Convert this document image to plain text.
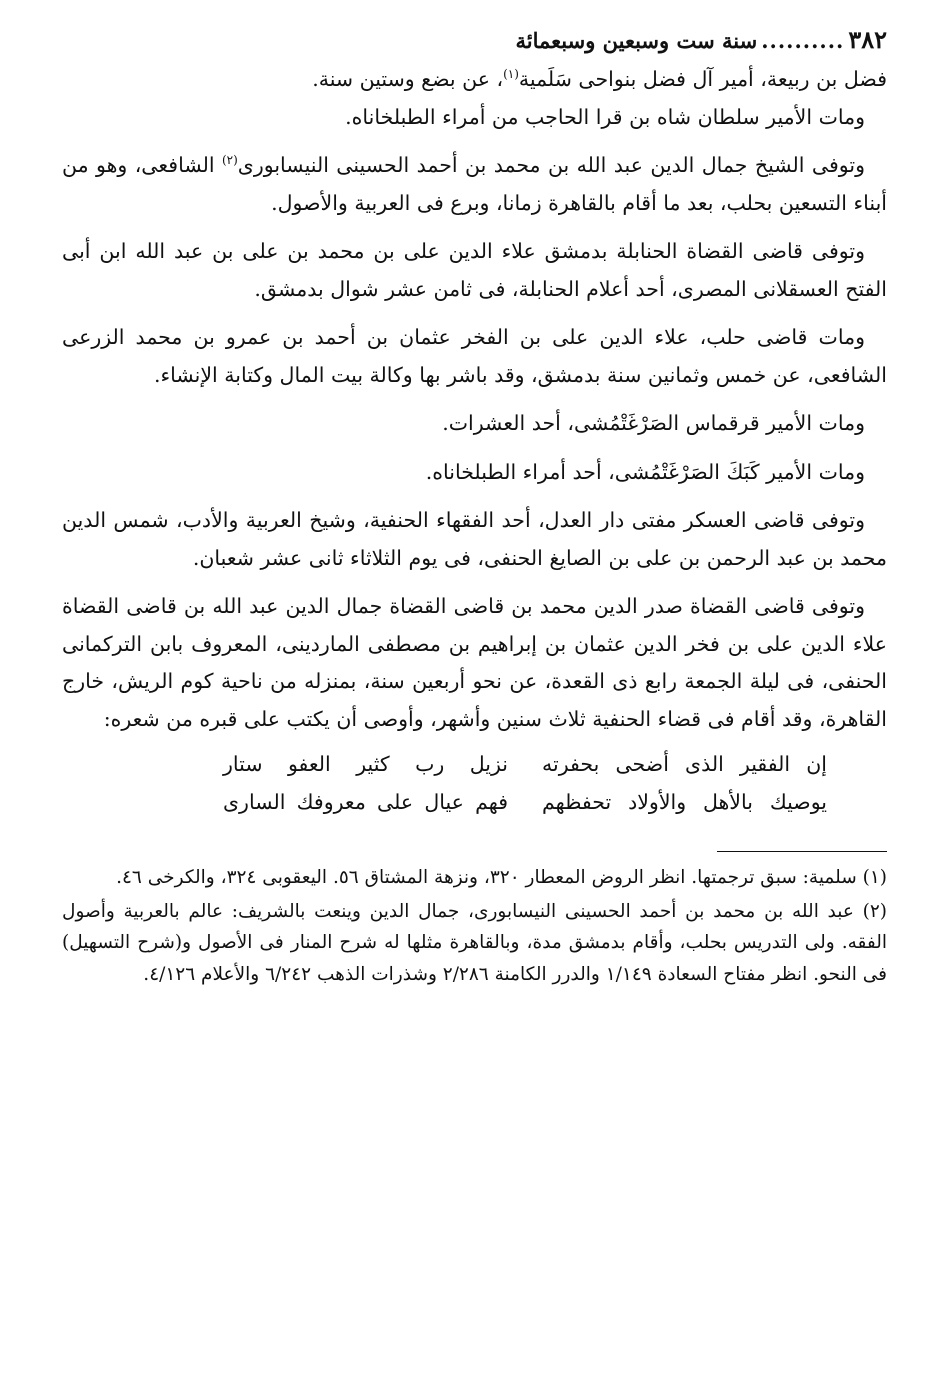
٣٨٢
..........
سنة ست وسبعين وسبعمائة

فضل بن ربيعة، أمير آل فضل بنواحى سَلَمية$^{(١)}$، عن بضع وستين سنة.

ومات الأمير سلطان شاه بن قرا الحاجب من أمراء الطبلخاناه.

وتوفى الشيخ جمال الدين عبد الله بن محمد بن أحمد الحسينى النيسابورى$^{(٢)}$ الشافعى، وهو من أبناء التسعين بحلب، بعد ما أقام بالقاهرة زمانا، وبرع فى العربية والأصول.

وتوفى قاضى القضاة الحنابلة بدمشق علاء الدين على بن محمد بن على بن عبد الله ابن أبى الفتح العسقلانى المصرى، أحد أعلام الحنابلة، فى ثامن عشر شوال بدمشق.

ومات قاضى حلب، علاء الدين على بن الفخر عثمان بن أحمد بن عمرو بن محمد الزرعى الشافعى، عن خمس وثمانين سنة بدمشق، وقد باشر بها وكالة بيت المال وكتابة الإنشاء.

ومات الأمير قرقماس الصَرْغَتْمُشى، أحد العشرات.

ومات الأمير كَبَكَ الصَرْغَتْمُشى، أحد أمراء الطبلخاناه.

وتوفى قاضى العسكر مفتى دار العدل، أحد الفقهاء الحنفية، وشيخ العربية والأدب، شمس الدين محمد بن عبد الرحمن بن على بن الصايغ الحنفى، فى يوم الثلاثاء ثانى عشر شعبان.

وتوفى قاضى القضاة صدر الدين محمد بن قاضى القضاة جمال الدين عبد الله بن قاضى القضاة علاء الدين على بن فخر الدين عثمان بن إبراهيم بن مصطفى الماردينى، المعروف بابن التركمانى الحنفى، فى ليلة الجمعة رابع ذى القعدة، عن نحو أربعين سنة، بمنزله من ناحية كوم الريش، خارج القاهرة، وقد أقام فى قضاء الحنفية ثلاث سنين وأشهر، وأوصى أن يكتب على قبره من شعره:

إن الفقير الذى أضحى بحفرته
نزيل رب كثير العفو ستار
يوصيك بالأهل والأولاد تحفظهم
فهم عيال على معروفك السارى

(١) سلمية: سبق ترجمتها. انظر الروض المعطار ٣٢٠، ونزهة المشتاق ٥٦. اليعقوبى ٣٢٤، والكرخى ٤٦.

(٢) عبد الله بن محمد بن أحمد الحسينى النيسابورى، جمال الدين وينعت بالشريف: عالم بالعربية وأصول الفقه. ولى التدريس بحلب، وأقام بدمشق مدة، وبالقاهرة مثلها له شرح المنار فى الأصول و(شرح التسهيل) فى النحو. انظر مفتاح السعادة ١/١٤٩ والدرر الكامنة ٢/٢٨٦ وشذرات الذهب ٦/٢٤٢ والأعلام ٤/١٢٦.
